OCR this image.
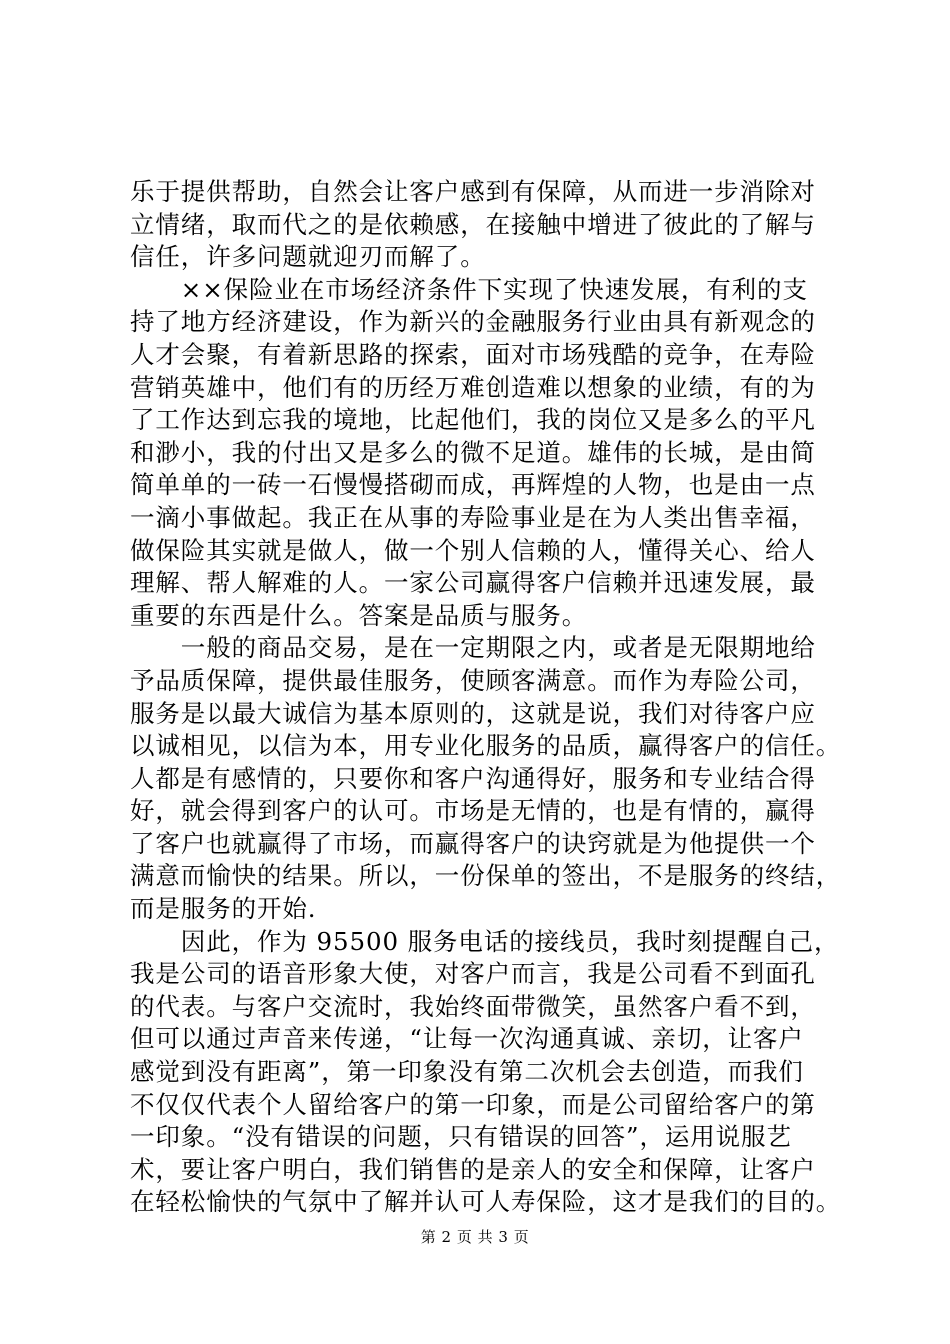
乐于提供帮助，自然会让客户感到有保障，从而进一步消除对
立情绪，取而代之的是依赖感，在接触中增进了彼此的了解与
信任，许多问题就迎刃而解了。
　　××保险业在市场经济条件下实现了快速发展，有利的支
持了地方经济建设，作为新兴的金融服务行业由具有新观念的
人才会聚，有着新思路的探索，面对市场残酷的竞争，在寿险
营销英雄中，他们有的历经万难创造难以想象的业绩，有的为
了工作达到忘我的境地，比起他们，我的岗位又是多么的平凡
和渺小，我的付出又是多么的微不足道。雄伟的长城，是由简
简单单的一砖一石慢慢搭砌而成，再辉煌的人物，也是由一点
一滴小事做起。我正在从事的寿险事业是在为人类出售幸福，
做保险其实就是做人，做一个别人信赖的人，懂得关心、给人
理解、帮人解难的人。一家公司赢得客户信赖并迅速发展，最
重要的东西是什么。答案是品质与服务。
　　一般的商品交易，是在一定期限之内，或者是无限期地给
予品质保障，提供最佳服务，使顾客满意。而作为寿险公司，
服务是以最大诚信为基本原则的，这就是说，我们对待客户应
以诚相见，以信为本，用专业化服务的品质，赢得客户的信任。
人都是有感情的，只要你和客户沟通得好，服务和专业结合得
好，就会得到客户的认可。市场是无情的，也是有情的，赢得
了客户也就赢得了市场，而赢得客户的诀窍就是为他提供一个
满意而愉快的结果。所以，一份保单的签出，不是服务的终结，
而是服务的开始.
　　因此，作为 95500 服务电话的接线员，我时刻提醒自己，
我是公司的语音形象大使，对客户而言，我是公司看不到面孔
的代表。与客户交流时，我始终面带微笑，虽然客户看不到，
但可以通过声音来传递，“让每一次沟通真诚、亲切，让客户
感觉到没有距离”，第一印象没有第二次机会去创造，而我们
不仅仅代表个人留给客户的第一印象，而是公司留给客户的第
一印象。“没有错误的问题，只有错误的回答”，运用说服艺
术，要让客户明白，我们销售的是亲人的安全和保障，让客户
在轻松愉快的气氛中了解并认可人寿保险，这才是我们的目的。
第 2 页 共 3 页
